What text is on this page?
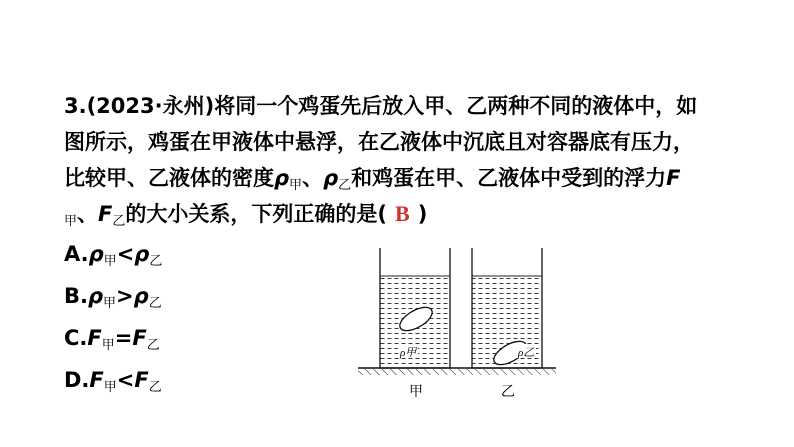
3.(2023·永州)将同一个鸡蛋先后放入甲、乙两种不同的液体中，如
图所示，鸡蛋在甲液体中悬浮，在乙液体中沉底且对容器底有压力，
比较甲、乙液体的密度$\rho_甲$、$\rho_乙$和鸡蛋在甲、乙液体中受到的浮力F
$_甲$、$F_乙$的大小关系，下列正确的是( B )
$A.\rho_甲<\rho_乙$
$B.\rho_甲>\rho_乙$
$C.F_甲=F_乙$
$D.F_甲<F_乙$
ρ甲	ρ乙
甲	乙
